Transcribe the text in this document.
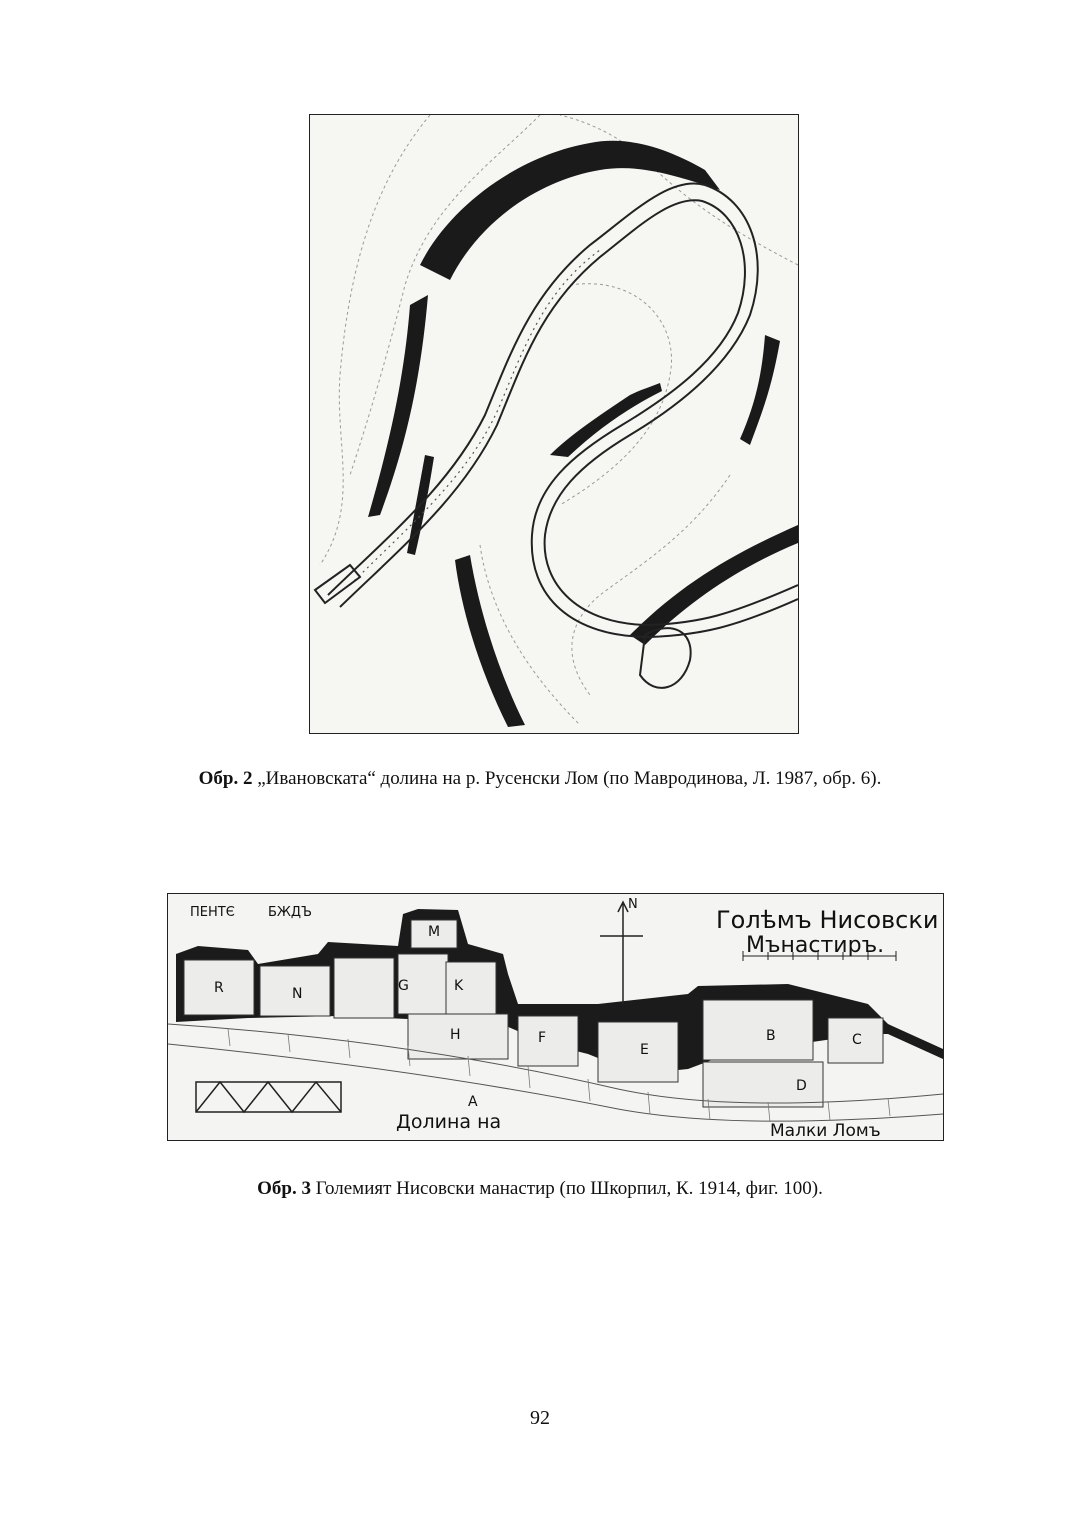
Обр. 2 „Ивановската“ долина на р. Русенски Лом (по Мавродинова, Л. 1987, обр. 6).
N
Голѣмъ Нисовски
Мънастиръ.
ПЕНТЄ	БЖДЪ
R	N
M
G	K
H	F
E
B	C
D
A
Долина на	Малки Ломъ
Обр. 3 Големият Нисовски манастир (по Шкорпил, К. 1914, фиг. 100).
92
